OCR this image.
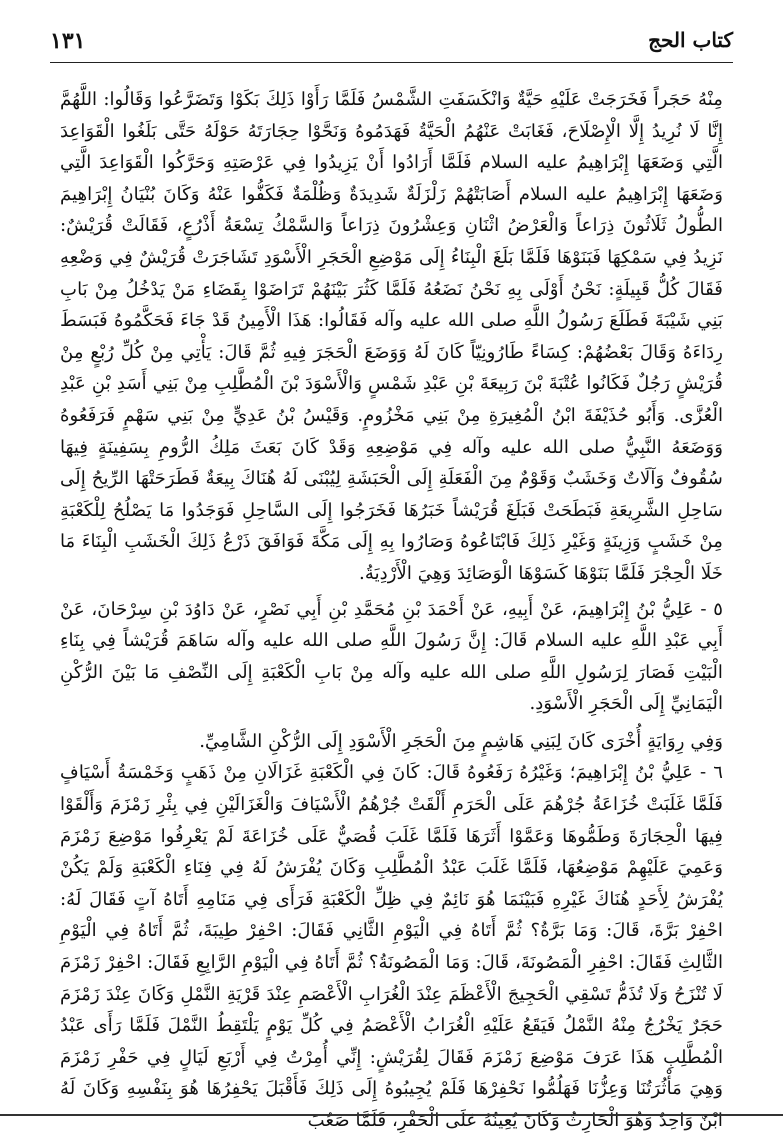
١٣١	كتاب الحج

مِنْهُ حَجَراً فَخَرَجَتْ عَلَيْهِ حَيَّةٌ وَانْكَسَفَتِ الشَّمْسُ فَلَمَّا رَأَوْا ذَلِكَ بَكَوْا وَتَضَرَّعُوا وَقَالُوا: اللَّهُمَّ إِنَّا لَا نُرِيدُ إِلَّا الْإِصْلَاحَ، فَغَابَتْ عَنْهُمُ الْحَيَّةُ فَهَدَمُوهُ وَنَحَّوْا حِجَارَتَهُ حَوْلَهُ حَتَّى بَلَغُوا الْقَوَاعِدَ الَّتِي وَضَعَهَا إِبْرَاهِيمُ عليه السلام فَلَمَّا أَرَادُوا أَنْ يَزِيدُوا فِي عَرْصَتِهِ وَحَرَّكُوا الْقَوَاعِدَ الَّتِي وَضَعَهَا إِبْرَاهِيمُ عليه السلام أَصَابَتْهُمْ زَلْزَلَةٌ شَدِيدَةٌ وَظُلْمَةٌ فَكَفُّوا عَنْهُ وَكَانَ بُنْيَانُ إِبْرَاهِيمَ الطُّولُ ثَلَاثُونَ ذِرَاعاً وَالْعَرْضُ اثْنَانِ وَعِشْرُونَ ذِرَاعاً وَالسَّمْكُ تِسْعَةُ أَذْرُعٍ، فَقَالَتْ قُرَيْشٌ: نَزِيدُ فِي سَمْكِهَا فَبَنَوْهَا فَلَمَّا بَلَغَ الْبِنَاءُ إِلَى مَوْضِعِ الْحَجَرِ الْأَسْوَدِ تَشَاجَرَتْ قُرَيْشٌ فِي وَضْعِهِ فَقَالَ كُلُّ قَبِيلَةٍ: نَحْنُ أَوْلَى بِهِ نَحْنُ نَضَعُهُ فَلَمَّا كَثُرَ بَيْنَهُمْ تَرَاضَوْا بِقَضَاءِ مَنْ يَدْخُلُ مِنْ بَابِ بَنِي شَيْبَةَ فَطَلَعَ رَسُولُ اللَّهِ صلى الله عليه وآله فَقَالُوا: هَذَا الْأَمِينُ قَدْ جَاءَ فَحَكَّمُوهُ فَبَسَطَ رِدَاءَهُ وَقَالَ بَعْضُهُمْ: كِسَاءً طَارُونِيّاً كَانَ لَهُ وَوَضَعَ الْحَجَرَ فِيهِ ثُمَّ قَالَ: يَأْتِي مِنْ كُلِّ رُبْعٍ مِنْ قُرَيْشٍ رَجُلٌ فَكَانُوا عُتْبَةَ بْنَ رَبِيعَةَ بْنِ عَبْدِ شَمْسٍ وَالْأَسْوَدَ بْنَ الْمُطَّلِبِ مِنْ بَنِي أَسَدِ بْنِ عَبْدِ الْعُزَّى. وَأَبُو حُذَيْفَةَ ابْنُ الْمُغِيرَةِ مِنْ بَنِي مَخْزُومٍ. وَقَيْسُ بْنُ عَدِيٍّ مِنْ بَنِي سَهْمٍ فَرَفَعُوهُ وَوَضَعَهُ النَّبِيُّ صلى الله عليه وآله فِي مَوْضِعِهِ وَقَدْ كَانَ بَعَثَ مَلِكُ الرُّومِ بِسَفِينَةٍ فِيهَا سُقُوفٌ وَآلَاتٌ وَخَشَبٌ وَقَوْمٌ مِنَ الْفَعَلَةِ إِلَى الْحَبَشَةِ لِيُبْنَى لَهُ هُنَاكَ بِيعَةٌ فَطَرَحَتْهَا الرِّيحُ إِلَى سَاحِلِ الشَّرِيعَةِ فَبَطَحَتْ فَبَلَغَ قُرَيْشاً خَبَرُهَا فَخَرَجُوا إِلَى السَّاحِلِ فَوَجَدُوا مَا يَصْلُحُ لِلْكَعْبَةِ مِنْ خَشَبٍ وَزِينَةٍ وَغَيْرِ ذَلِكَ فَابْتَاعُوهُ وَصَارُوا بِهِ إِلَى مَكَّةَ فَوَافَقَ ذَرْعُ ذَلِكَ الْخَشَبِ الْبِنَاءَ مَا خَلَا الْحِجْرَ فَلَمَّا بَنَوْهَا كَسَوْهَا الْوَصَائِدَ وَهِيَ الْأَرْدِيَةُ.

٥ - عَلِيُّ بْنُ إِبْرَاهِيمَ، عَنْ أَبِيهِ، عَنْ أَحْمَدَ بْنِ مُحَمَّدِ بْنِ أَبِي نَصْرٍ، عَنْ دَاوُدَ بْنِ سِرْحَانَ، عَنْ أَبِي عَبْدِ اللَّهِ عليه السلام قَالَ: إِنَّ رَسُولَ اللَّهِ صلى الله عليه وآله سَاهَمَ قُرَيْشاً فِي بِنَاءِ الْبَيْتِ فَصَارَ لِرَسُولِ اللَّهِ صلى الله عليه وآله مِنْ بَابِ الْكَعْبَةِ إِلَى النِّصْفِ مَا بَيْنَ الرُّكْنِ الْيَمَانِيِّ إِلَى الْحَجَرِ الْأَسْوَدِ.

وَفِي رِوَايَةٍ أُخْرَى كَانَ لِبَنِي هَاشِمٍ مِنَ الْحَجَرِ الْأَسْوَدِ إِلَى الرُّكْنِ الشَّامِيِّ.

٦ - عَلِيُّ بْنُ إِبْرَاهِيمَ؛ وَغَيْرُهُ رَفَعُوهُ قَالَ: كَانَ فِي الْكَعْبَةِ غَزَالَانِ مِنْ ذَهَبٍ وَخَمْسَةُ أَسْيَافٍ فَلَمَّا غَلَبَتْ خُزَاعَةُ جُرْهُمَ عَلَى الْحَرَمِ أَلْقَتْ جُرْهُمُ الْأَسْيَافَ وَالْغَزَالَيْنِ فِي بِئْرِ زَمْزَمَ وَأَلْقَوْا فِيهَا الْحِجَارَةَ وَطَمُّوهَا وَعَمَّوْا أَثَرَهَا فَلَمَّا غَلَبَ قُصَيٌّ عَلَى خُزَاعَةَ لَمْ يَعْرِفُوا مَوْضِعَ زَمْزَمَ وَعَمِيَ عَلَيْهِمْ مَوْضِعُهَا، فَلَمَّا غَلَبَ عَبْدُ الْمُطَّلِبِ وَكَانَ يُفْرَشُ لَهُ فِي فِنَاءِ الْكَعْبَةِ وَلَمْ يَكُنْ يُفْرَشُ لِأَحَدٍ هُنَاكَ غَيْرِهِ فَبَيْنَمَا هُوَ نَائِمٌ فِي ظِلِّ الْكَعْبَةِ فَرَأَى فِي مَنَامِهِ أَتَاهُ آتٍ فَقَالَ لَهُ: احْفِرْ بَرَّةَ، قَالَ: وَمَا بَرَّةُ؟ ثُمَّ أَتَاهُ فِي الْيَوْمِ الثَّانِي فَقَالَ: احْفِرْ طِيبَةَ، ثُمَّ أَتَاهُ فِي الْيَوْمِ الثَّالِثِ فَقَالَ: احْفِرِ الْمَصُونَةَ، قَالَ: وَمَا الْمَصُونَةُ؟ ثُمَّ أَتَاهُ فِي الْيَوْمِ الرَّابِعِ فَقَالَ: احْفِرْ زَمْزَمَ لَا تُنْزَحُ وَلَا تُذَمُّ تَسْقِي الْحَجِيجَ الْأَعْظَمَ عِنْدَ الْغُرَابِ الْأَعْصَمِ عِنْدَ قَرْيَةِ النَّمْلِ وَكَانَ عِنْدَ زَمْزَمَ حَجَرٌ يَخْرُجُ مِنْهُ النَّمْلُ فَيَقَعُ عَلَيْهِ الْغُرَابُ الْأَعْصَمُ فِي كُلِّ يَوْمٍ يَلْتَقِطُ النَّمْلَ فَلَمَّا رَأَى عَبْدُ الْمُطَّلِبِ هَذَا عَرَفَ مَوْضِعَ زَمْزَمَ فَقَالَ لِقُرَيْشٍ: إِنِّي أُمِرْتُ فِي أَرْبَعِ لَيَالٍ فِي حَفْرِ زَمْزَمَ وَهِيَ مَأْثُرَتُنَا وَعِزُّنَا فَهَلُمُّوا نَحْفِرْهَا فَلَمْ يُجِيبُوهُ إِلَى ذَلِكَ فَأَقْبَلَ يَحْفِرُهَا هُوَ بِنَفْسِهِ وَكَانَ لَهُ ابْنٌ وَاحِدٌ وَهُوَ الْحَارِثُ وَكَانَ يُعِينُهُ عَلَى الْحَفْرِ، فَلَمَّا صَعُبَ
